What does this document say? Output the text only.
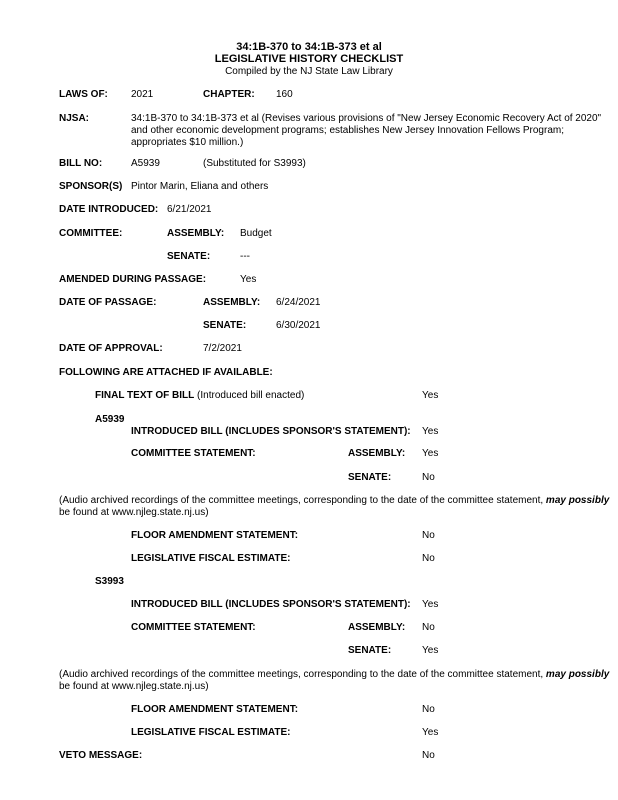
34:1B-370 to 34:1B-373 et al
LEGISLATIVE HISTORY CHECKLIST
Compiled by the NJ State Law Library
LAWS OF: 2021	CHAPTER: 160
NJSA:	34:1B-370 to 34:1B-373 et al (Revises various provisions of "New Jersey Economic Recovery Act of 2020"
and other economic development programs; establishes New Jersey Innovation Fellows Program;
appropriates $10 million.)
BILL NO:	A5939	(Substituted for S3993)
SPONSOR(S) Pintor Marin, Eliana and others
DATE INTRODUCED: 6/21/2021
COMMITTEE:	ASSEMBLY: Budget
SENATE:	---
AMENDED DURING PASSAGE:	Yes
DATE OF PASSAGE:	ASSEMBLY: 6/24/2021
SENATE:	6/30/2021
DATE OF APPROVAL:	7/2/2021
FOLLOWING ARE ATTACHED IF AVAILABLE:
FINAL TEXT OF BILL (Introduced bill enacted)	Yes
A5939
INTRODUCED BILL (INCLUDES SPONSOR'S STATEMENT): Yes
COMMITTEE STATEMENT:	ASSEMBLY: Yes
SENATE:	No
(Audio archived recordings of the committee meetings, corresponding to the date of the committee statement, may possibly
be found at www.njleg.state.nj.us)
FLOOR AMENDMENT STATEMENT:	No
LEGISLATIVE FISCAL ESTIMATE:	No
S3993
INTRODUCED BILL (INCLUDES SPONSOR'S STATEMENT): Yes
COMMITTEE STATEMENT:	ASSEMBLY: No
SENATE:	Yes
(Audio archived recordings of the committee meetings, corresponding to the date of the committee statement, may possibly
be found at www.njleg.state.nj.us)
FLOOR AMENDMENT STATEMENT:	No
LEGISLATIVE FISCAL ESTIMATE:	Yes
VETO MESSAGE:	No
